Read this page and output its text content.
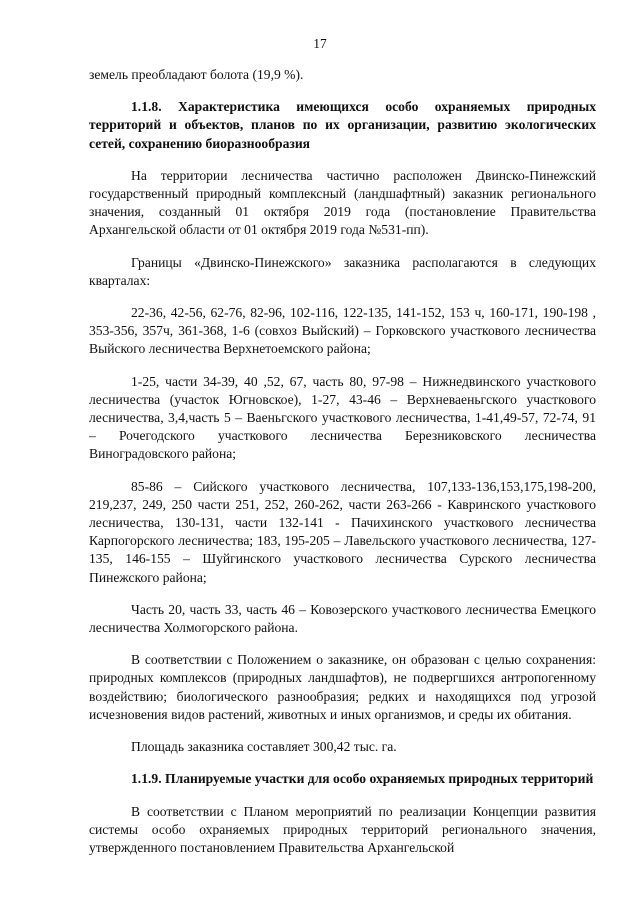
17

земель преобладают болота (19,9 %).

1.1.8. Характеристика имеющихся особо охраняемых природных территорий и объектов, планов по их организации, развитию экологических сетей, сохранению биоразнообразия

На территории лесничества частично расположен Двинско-Пинежский государственный природный комплексный (ландшафтный) заказник регионального значения, созданный 01 октября 2019 года (постановление Правительства Архангельской области от 01 октября 2019 года №531-пп).

Границы «Двинско-Пинежского» заказника располагаются в следующих кварталах:

22-36, 42-56, 62-76, 82-96, 102-116, 122-135, 141-152, 153 ч, 160-171, 190-198 , 353-356, 357ч, 361-368, 1-6 (совхоз Выйский) – Горковского участкового лесничества Выйского лесничества Верхнетоемского района;

1-25, части 34-39, 40 ,52, 67, часть 80, 97-98 – Нижнедвинского участкового лесничества (участок Югновское), 1-27, 43-46 – Верхневаеньгского участкового лесничества, 3,4,часть 5 – Ваеньгского участкового лесничества, 1-41,49-57, 72-74, 91 – Рочегодского участкового лесничества Березниковского лесничества Виноградовского района;

85-86 – Сийского участкового лесничества, 107,133-136,153,175,198-200, 219,237, 249, 250 части 251, 252, 260-262, части 263-266 - Кавринского участкового лесничества, 130-131, части 132-141 - Пачихинского участкового лесничества Карпогорского лесничества; 183, 195-205 – Лавельского участкового лесничества, 127-135, 146-155 – Шуйгинского участкового лесничества Сурского лесничества Пинежского района;

Часть 20, часть 33, часть 46 – Ковозерского участкового лесничества Емецкого лесничества Холмогорского района.

В соответствии с Положением о заказнике, он образован с целью сохранения: природных комплексов (природных ландшафтов), не подвергшихся антропогенному воздействию; биологического разнообразия; редких и находящихся под угрозой исчезновения видов растений, животных и иных организмов, и среды их обитания.

Площадь заказника составляет 300,42 тыс. га.

1.1.9. Планируемые участки для особо охраняемых природных территорий

В соответствии с Планом мероприятий по реализации Концепции развития системы особо охраняемых природных территорий регионального значения, утвержденного постановлением Правительства Архангельской
